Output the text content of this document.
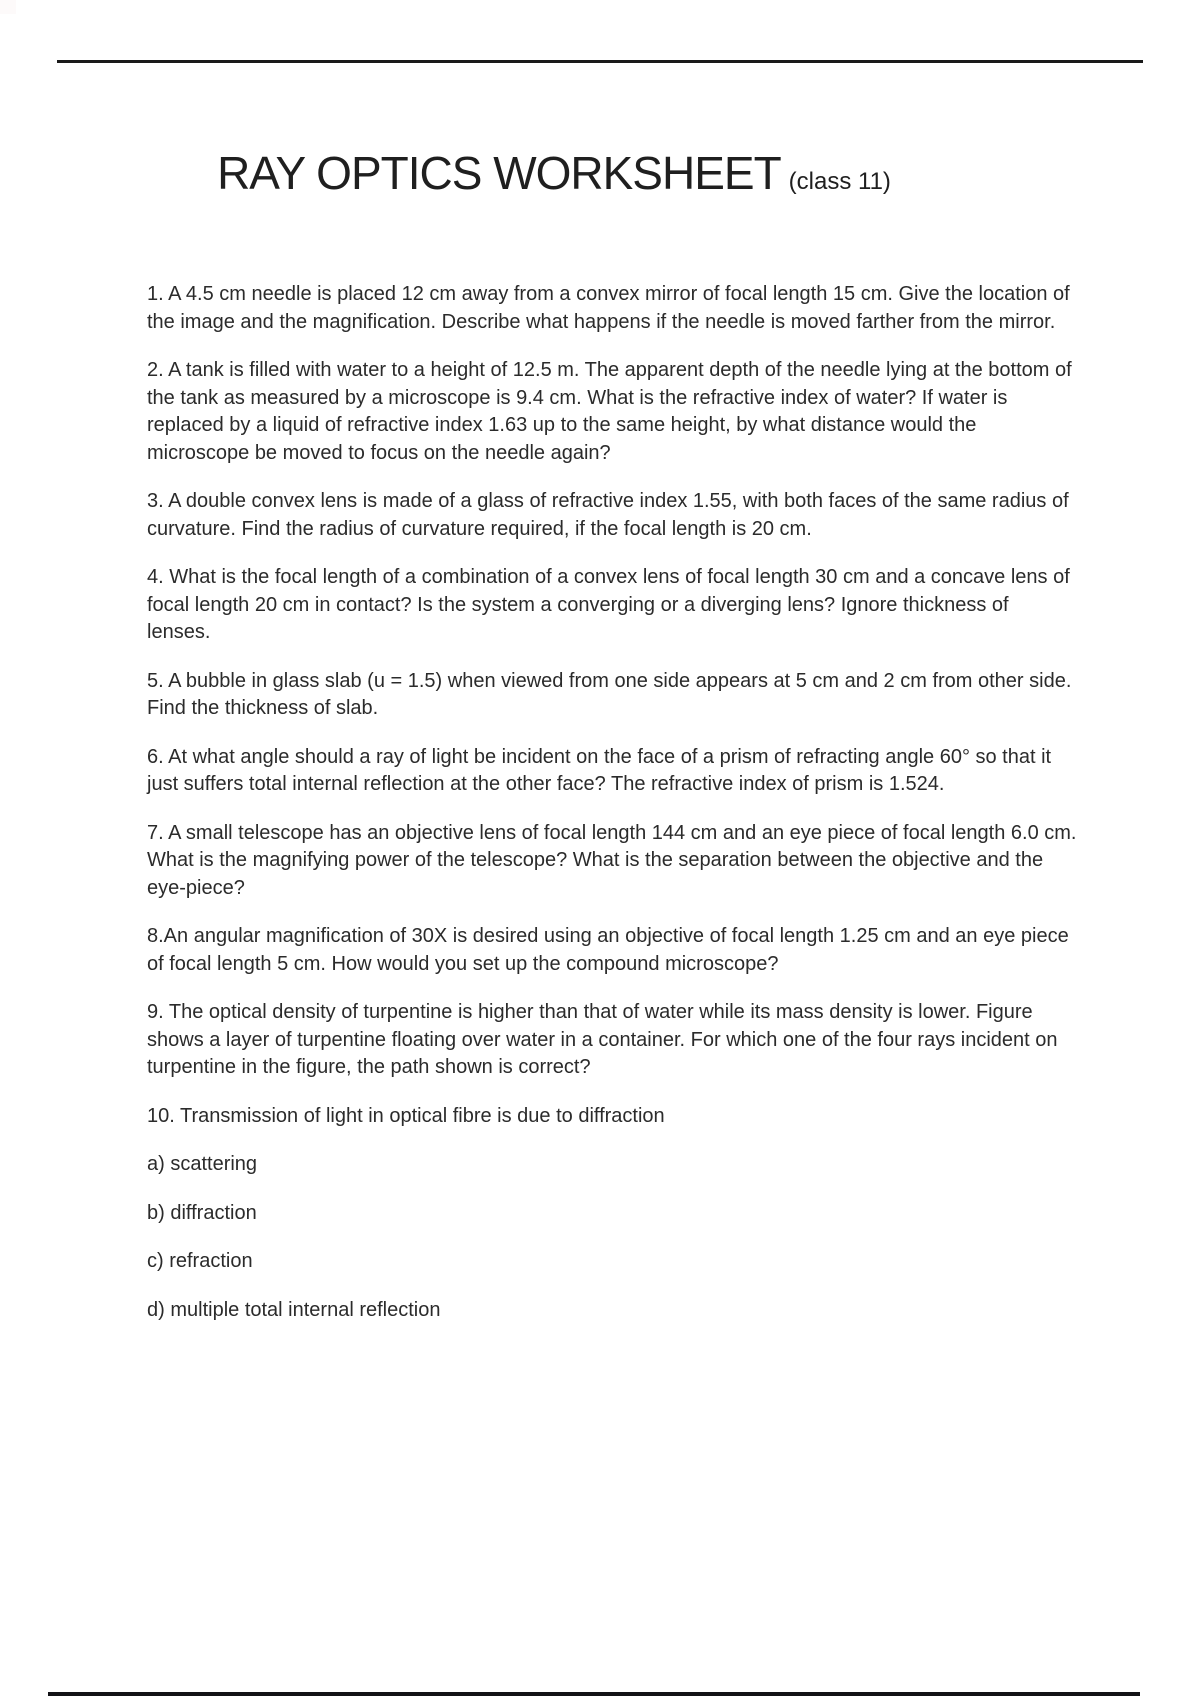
RAY OPTICS WORKSHEET (class 11)

1. A 4.5 cm needle is placed 12 cm away from a convex mirror of focal length 15 cm. Give the location of the image and the magnification. Describe what happens if the needle is moved farther from the mirror.

2. A tank is filled with water to a height of 12.5 m. The apparent depth of the needle lying at the bottom of the tank as measured by a microscope is 9.4 cm. What is the refractive index of water? If water is replaced by a liquid of refractive index 1.63 up to the same height, by what distance would the microscope be moved to focus on the needle again?

3. A double convex lens is made of a glass of refractive index 1.55, with both faces of the same radius of curvature. Find the radius of curvature required, if the focal length is 20 cm.

4. What is the focal length of a combination of a convex lens of focal length 30 cm and a concave lens of focal length 20 cm in contact? Is the system a converging or a diverging lens? Ignore thickness of lenses.

5. A bubble in glass slab (u = 1.5) when viewed from one side appears at 5 cm and 2 cm from other side. Find the thickness of slab.

6. At what angle should a ray of light be incident on the face of a prism of refracting angle 60° so that it just suffers total internal reflection at the other face? The refractive index of prism is 1.524.

7. A small telescope has an objective lens of focal length 144 cm and an eye piece of focal length 6.0 cm. What is the magnifying power of the telescope? What is the separation between the objective and the eye-piece?

8.An angular magnification of 30X is desired using an objective of focal length 1.25 cm and an eye piece of focal length 5 cm. How would you set up the compound microscope?

9. The optical density of turpentine is higher than that of water while its mass density is lower. Figure shows a layer of turpentine floating over water in a container. For which one of the four rays incident on turpentine in the figure, the path shown is correct?

10. Transmission of light in optical fibre is due to diffraction

a) scattering

b) diffraction

c) refraction

d) multiple total internal reflection
